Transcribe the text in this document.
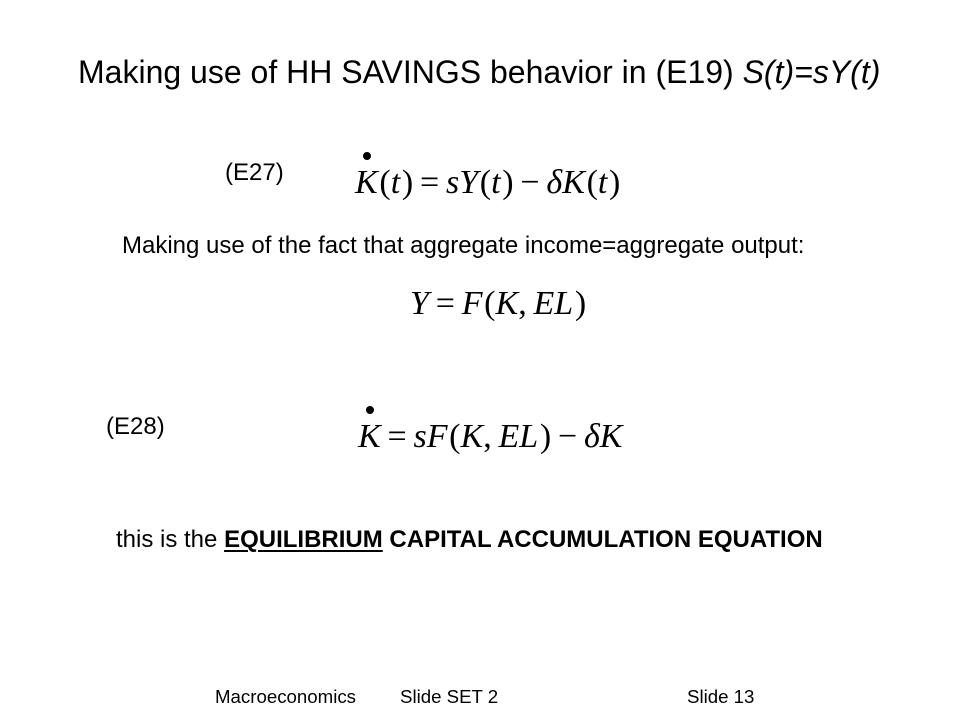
Making use of HH SAVINGS behavior in (E19) S(t)=sY(t)
(E27) K
(t) = sY(t) − δK(t)
Making use of the fact that aggregate income=aggregate output:
Y = F(K, EL)
(E28)	K = sF(K, EL) − δK
this is the EQUILIBRIUM CAPITAL ACCUMULATION EQUATION
Macroeconomics Slide SET 2	Slide 13
